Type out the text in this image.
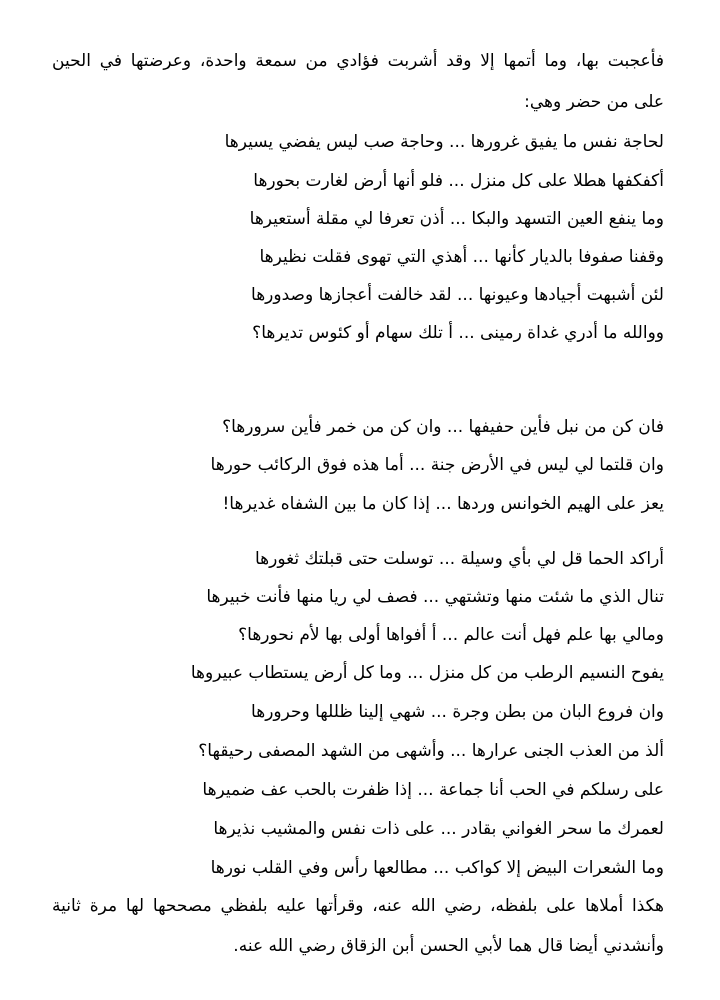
فأعجبت بها، وما أتمها إلا وقد أشربت فؤادي من سمعة واحدة، وعرضتها في الحين
على من حضر وهي:
لحاجة نفس ما يفيق غرورها ... وحاجة صب ليس يفضي يسيرها
أكفكفها هطلا على كل منزل ... فلو أنها أرض لغارت بحورها
وما ينفع العين التسهد والبكا ... أذن تعرفا لي مقلة أستعيرها
وقفنا صفوفا بالديار كأنها ... أهذي التي تهوى فقلت نظيرها
لئن أشبهت أجيادها وعيونها ... لقد خالفت أعجازها وصدورها
ووالله ما أدري غداة رمينى ... أ تلك سهام أو كئوس تديرها؟
فان كن من نبل فأين حفيفها ... وان كن من خمر فأين سرورها؟
وان قلتما لي ليس في الأرض جنة ... أما هذه فوق الركائب حورها
يعز على الهيم الخوانس وردها ... إذا كان ما بين الشفاه غديرها!
أراكد الحما قل لي بأي وسيلة ... توسلت حتى قبلتك ثغورها
تنال الذي ما شئت منها وتشتهي ... فصف لي ريا منها فأنت خبيرها
ومالي بها علم فهل أنت عالم ... أ أفواها أولى بها لأم نحورها؟
يفوح النسيم الرطب من كل منزل ... وما كل أرض يستطاب عبيروها
وان فروع البان من بطن وجرة ... شهي إلينا ظللها وحرورها
ألذ من العذب الجنى عرارها ... وأشهى من الشهد المصفى رحيقها؟
على رسلكم في الحب أنا جماعة ... إذا ظفرت بالحب عف ضميرها
لعمرك ما سحر الغواني بقادر ... على ذات نفس والمشيب نذيرها
وما الشعرات البيض إلا كواكب ... مطالعها رأس وفي القلب نورها
هكذا أملاها على بلفظه، رضي الله عنه، وقرأتها عليه بلفظي مصححها لها مرة ثانية
وأنشدني أيضا قال هما لأبي الحسن أبن الزقاق رضي الله عنه.
